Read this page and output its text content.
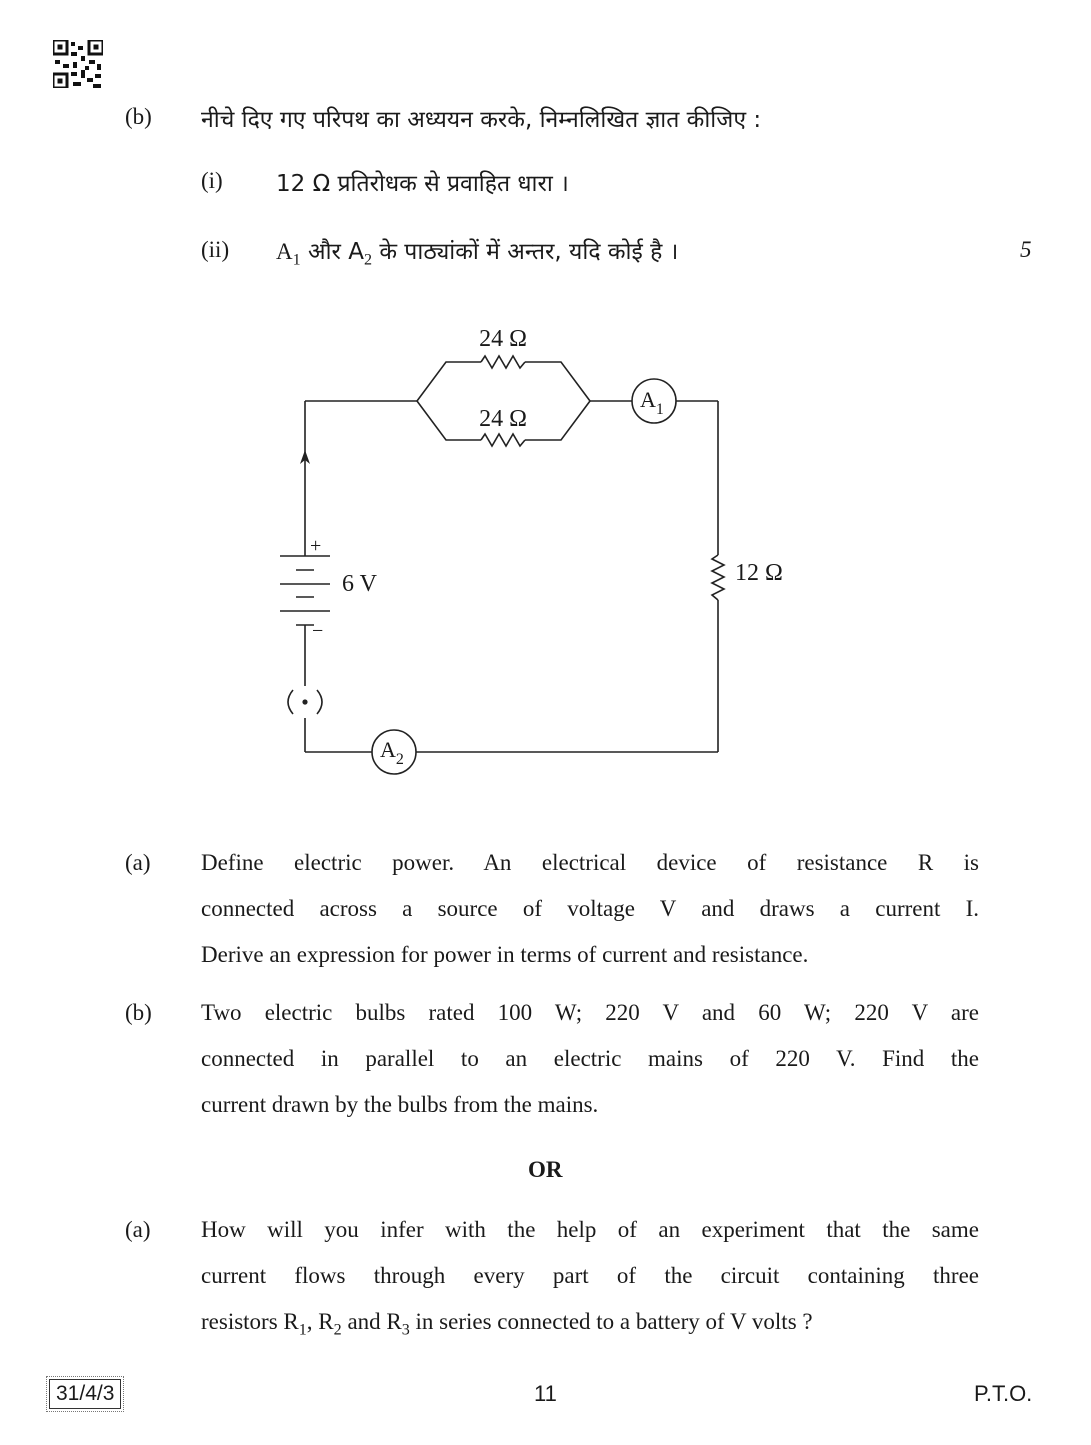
(b) नीचे दिए गए परिपथ का अध्ययन करके, निम्नलिखित ज्ञात कीजिए :
(i) 12 Ω प्रतिरोधक से प्रवाहित धारा ।
(ii) $A_1$ और $A_2$ के पाठ्यांकों में अन्तर, यदि कोई है ।	5
24 Ω
24 Ω
12 Ω
6 V
+
−
$A_1$
$A_2$
(a) Define electric power. An electrical device of resistance R is
connected across a source of voltage V and draws a current I.
Derive an expression for power in terms of current and resistance.
(b) Two electric bulbs rated 100 W; 220 V and 60 W; 220 V are
connected in parallel to an electric mains of 220 V. Find the
current drawn by the bulbs from the mains.
OR
(a) How will you infer with the help of an experiment that the same
current flows through every part of the circuit containing three
resistors $R_1$, $R_2$ and $R_3$ in series connected to a battery of V volts ?
31/4/3	11	P.T.O.
